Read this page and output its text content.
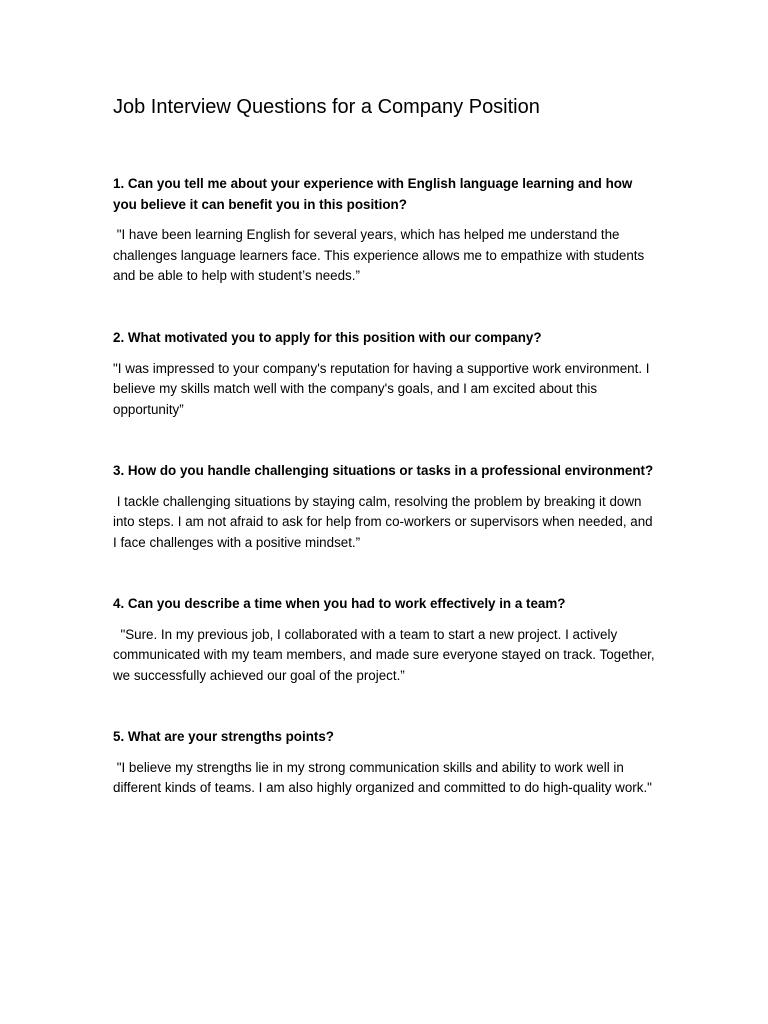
Job Interview Questions for a Company Position

1. Can you tell me about your experience with English language learning and how you believe it can benefit you in this position?

"I have been learning English for several years, which has helped me understand the challenges language learners face. This experience allows me to empathize with students and be able to help with student’s needs.”

2. What motivated you to apply for this position with our company?

"I was impressed to your company's reputation for having a supportive work environment. I believe my skills match well with the company's goals, and I am excited about this opportunity”

3. How do you handle challenging situations or tasks in a professional environment?

I tackle challenging situations by staying calm, resolving the problem by breaking it down into steps. I am not afraid to ask for help from co-workers or supervisors when needed, and I face challenges with a positive mindset.”

4. Can you describe a time when you had to work effectively in a team?

"Sure. In my previous job, I collaborated with a team to start a new project. I actively communicated with my team members, and made sure everyone stayed on track. Together, we successfully achieved our goal of the project.”

5. What are your strengths points?

"I believe my strengths lie in my strong communication skills and ability to work well in different kinds of teams. I am also highly organized and committed to do high-quality work."
